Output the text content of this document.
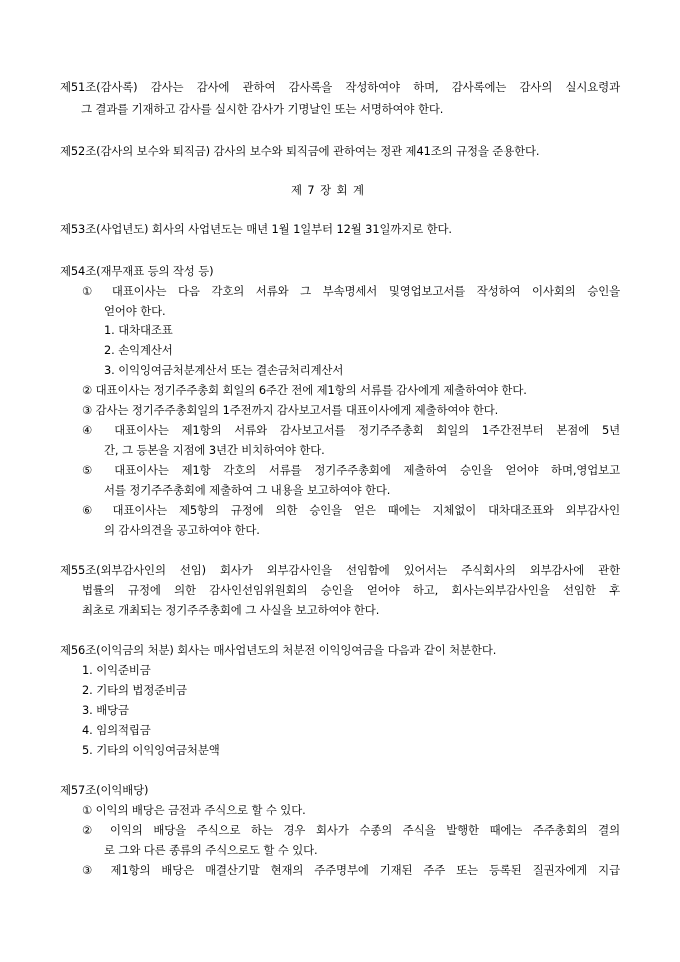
제51조(감사록) 감사는 감사에 관하여 감사록을 작성하여야 하며, 감사록에는 감사의 실시요령과
그 결과를 기재하고 감사를 실시한 감사가 기명날인 또는 서명하여야 한다.
제52조(감사의 보수와 퇴직금) 감사의 보수와 퇴직금에 관하여는 정관 제41조의 규정을 준용한다.
제 7 장 회 계
제53조(사업년도) 회사의 사업년도는 매년 1월 1일부터 12월 31일까지로 한다.
제54조(재무재표 등의 작성 등)
① 대표이사는 다음 각호의 서류와 그 부속명세서 및영업보고서를 작성하여 이사회의 승인을
얻어야 한다.
1. 대차대조표
2. 손익계산서
3. 이익잉여금처분계산서 또는 결손금처리계산서
② 대표이사는 정기주주총회 회일의 6주간 전에 제1항의 서류를 감사에게 제출하여야 한다.
③ 감사는 정기주주총회일의 1주전까지 감사보고서를 대표이사에게 제출하여야 한다.
④ 대표이사는 제1항의 서류와 감사보고서를 정기주주총회 회일의 1주간전부터 본점에 5년
간, 그 등본을 지점에 3년간 비치하여야 한다.
⑤ 대표이사는 제1항 각호의 서류를 정기주주총회에 제출하여 승인을 얻어야 하며,영업보고
서를 정기주주총회에 제출하여 그 내용을 보고하여야 한다.
⑥ 대표이사는 제5항의 규정에 의한 승인을 얻은 때에는 지체없이 대차대조표와 외부감사인
의 감사의견을 공고하여야 한다.
제55조(외부감사인의 선임) 회사가 외부감사인을 선임함에 있어서는 주식회사의 외부감사에 관한
법률의 규정에 의한 감사인선임위원회의 승인을 얻어야 하고, 회사는외부감사인을 선임한 후
최초로 개최되는 정기주주총회에 그 사실을 보고하여야 한다.
제56조(이익금의 처분) 회사는 매사업년도의 처분전 이익잉여금을 다음과 같이 처분한다.
1. 이익준비금
2. 기타의 법정준비금
3. 배당금
4. 임의적립금
5. 기타의 이익잉여금처분액
제57조(이익배당)
① 이익의 배당은 금전과 주식으로 할 수 있다.
② 이익의 배당을 주식으로 하는 경우 회사가 수종의 주식을 발행한 때에는 주주총회의 결의
로 그와 다른 종류의 주식으로도 할 수 있다.
③ 제1항의 배당은 매결산기말 현재의 주주명부에 기재된 주주 또는 등록된 질권자에게 지급
